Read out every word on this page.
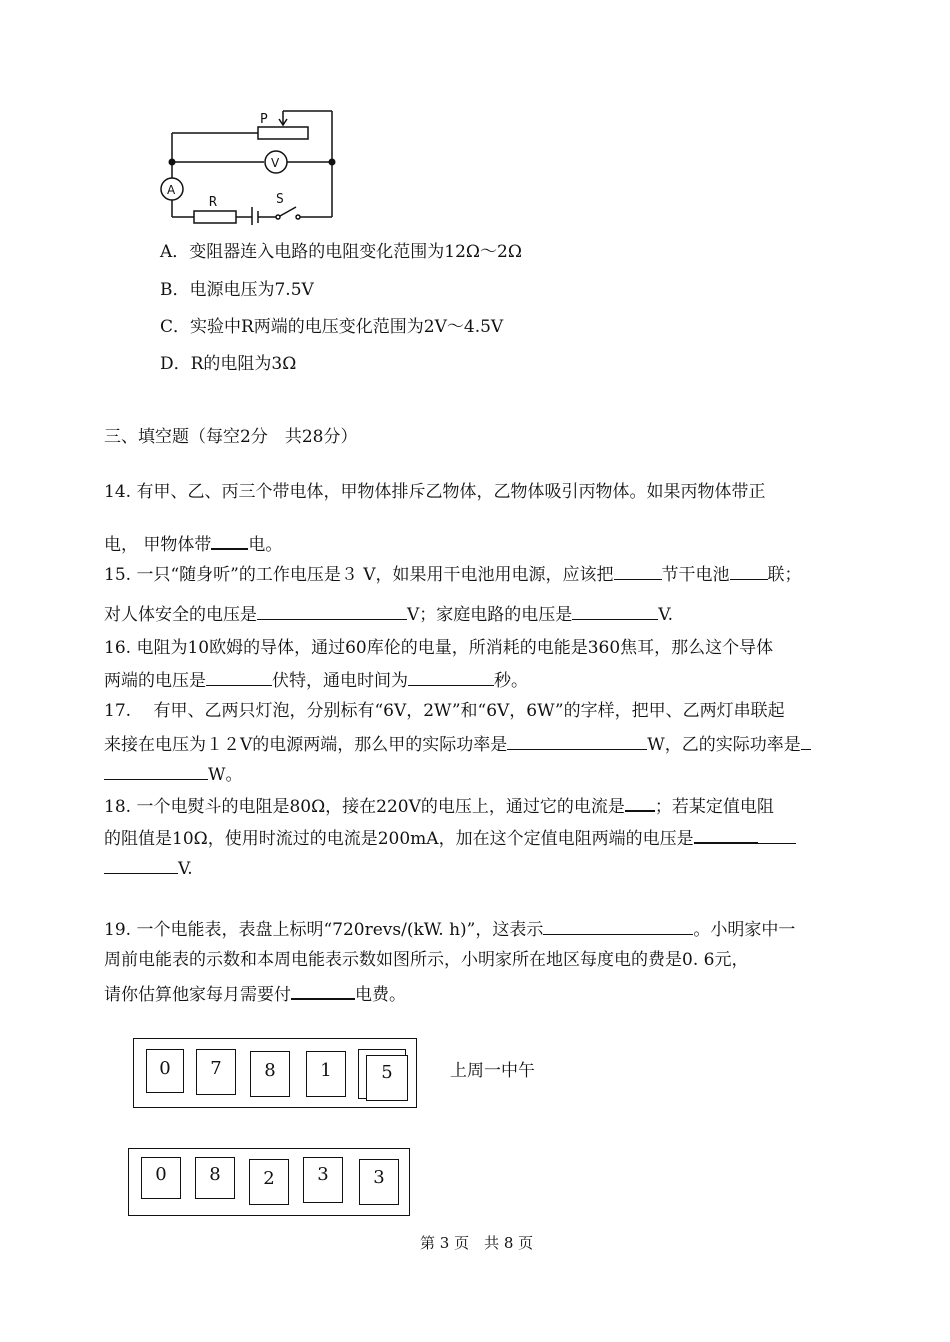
P
V
A
R	S
A．变阻器连入电路的电阻变化范围为12Ω～2Ω
B．电源电压为7.5V
C．实验中R两端的电压变化范围为2V～4.5V
D．R的电阻为3Ω
三、填空题（每空2分　共28分）
14. 有甲、乙、丙三个带电体，甲物体排斥乙物体，乙物体吸引丙物体。如果丙物体带正
电， 甲物体带 电。
15. 一只“随身听”的工作电压是３ V，如果用干电池用电源，应该把	节干电池 联；
对人体安全的电压是	V；家庭电路的电压是	V.
16. 电阻为10欧姆的导体，通过60库伦的电量，所消耗的电能是360焦耳，那么这个导体
两端的电压是	伏特，通电时间为	秒。
17.　 有甲、乙两只灯泡，分别标有“6V，2W”和“6V，6W”的字样，把甲、乙两灯串联起
来接在电压为１２V的电源两端，那么甲的实际功率是	W，乙的实际功率是
W。
18. 一个电熨斗的电阻是80Ω，接在220V的电压上，通过它的电流是 ；若某定值电阻
的阻值是10Ω，使用时流过的电流是200mA，加在这个定值电阻两端的电压是
V.
19. 一个电能表，表盘上标明“720revs/(kW. h)”，这表示	。小明家中一
周前电能表的示数和本周电能表示数如图所示，小明家所在地区每度电的费是0. 6元，
请你估算他家每月需要付	电费。
0	7	8	1	5	上周一中午
0	8	2	3	3
第 3 页　共 8 页
